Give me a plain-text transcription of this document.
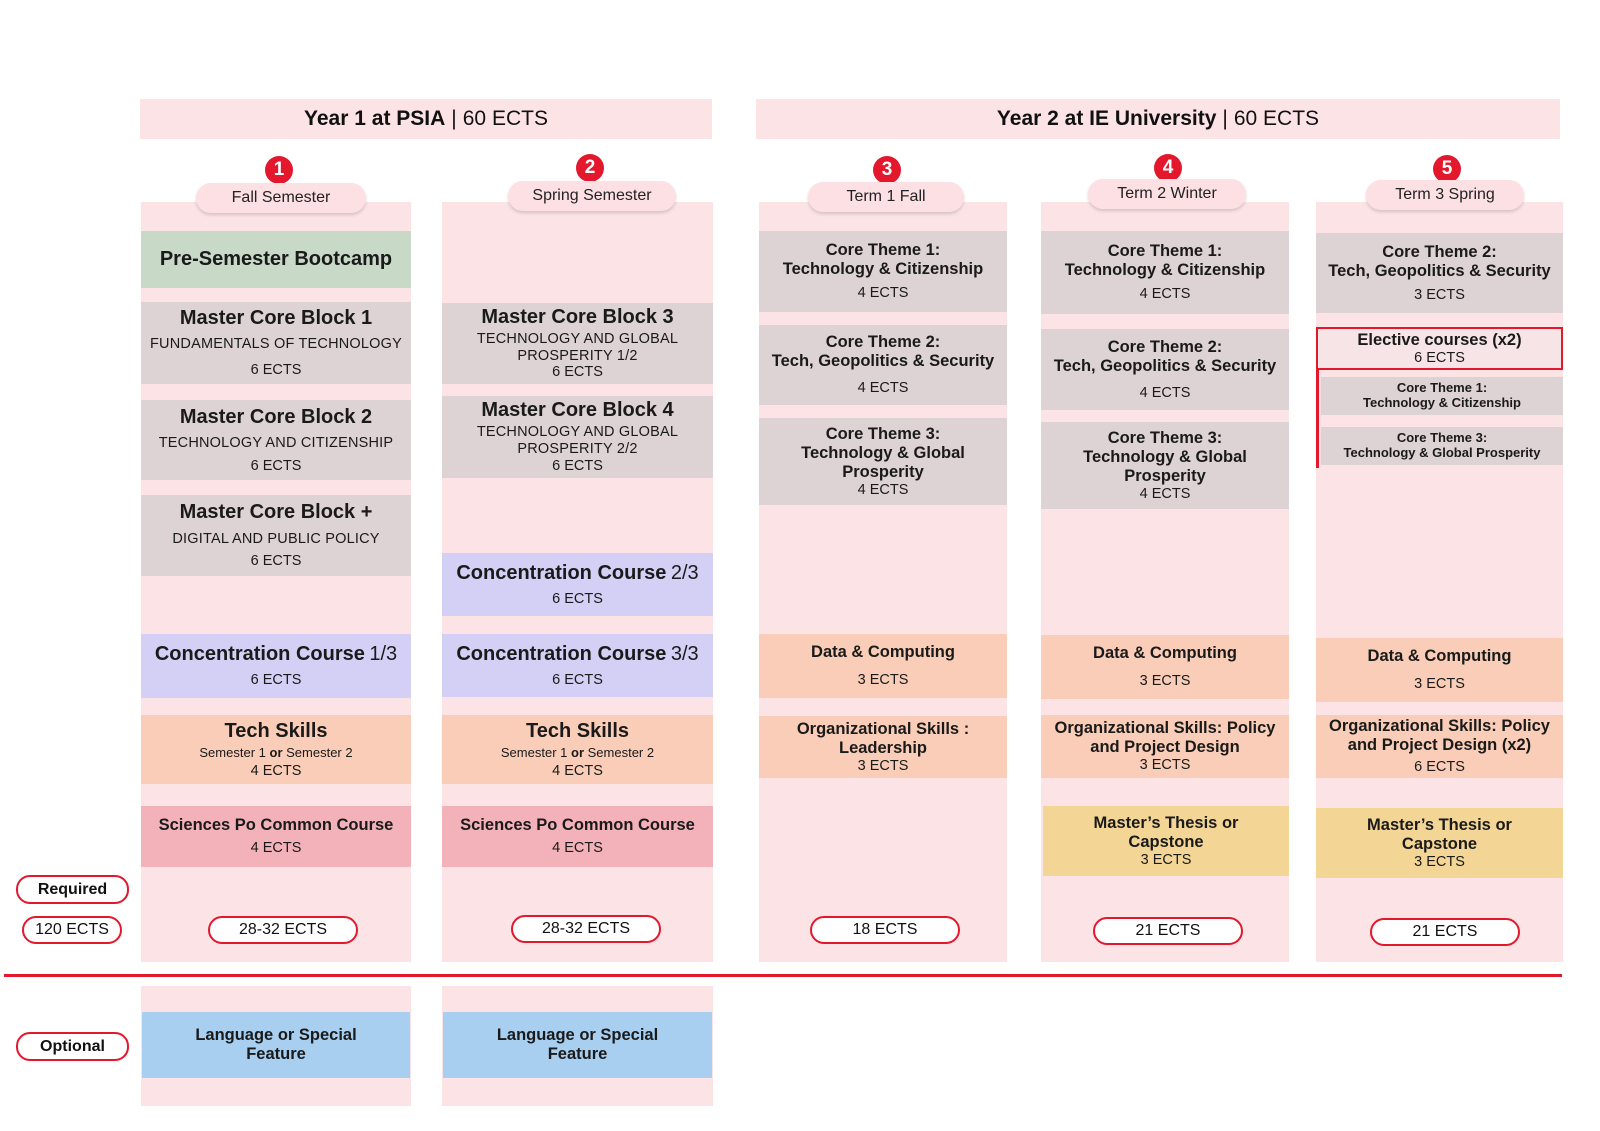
Year 1 at PSIA | 60 ECTS	Year 2 at IE University | 60 ECTS
1
Fall Semester
2
Spring Semester
3
Term 1 Fall
4
Term 2 Winter
5
Term 3 Spring
Pre-Semester Bootcamp
Master Core Block 1
FUNDAMENTALS OF TECHNOLOGY
6 ECTS
Master Core Block 2
TECHNOLOGY AND CITIZENSHIP
6 ECTS
Master Core Block +
DIGITAL AND PUBLIC POLICY
6 ECTS
Concentration Course 1/3
6 ECTS
Tech Skills
Semester 1 or Semester 2
4 ECTS
Sciences Po Common Course
4 ECTS
Language or Special Feature
Master Core Block 3
TECHNOLOGY AND GLOBAL PROSPERITY 1/2
6 ECTS
Master Core Block 4
TECHNOLOGY AND GLOBAL PROSPERITY 2/2
6 ECTS
Concentration Course 2/3
6 ECTS
Concentration Course 3/3
6 ECTS
Tech Skills
Semester 1 or Semester 2
4 ECTS
Sciences Po Common Course
4 ECTS
Language or Special Feature
Core Theme 1:
Technology & Citizenship
4 ECTS
Core Theme 2:
Tech, Geopolitics & Security
4 ECTS
Core Theme 3:
Technology & Global Prosperity
4 ECTS
Data & Computing
3 ECTS
Organizational Skills : Leadership
3 ECTS
Core Theme 1:
Technology & Citizenship
4 ECTS
Core Theme 2:
Tech, Geopolitics & Security
4 ECTS
Core Theme 3:
Technology & Global Prosperity
4 ECTS
Data & Computing
3 ECTS
Organizational Skills: Policy and Project Design
3 ECTS
Master’s Thesis or Capstone
3 ECTS
Core Theme 2:
Tech, Geopolitics & Security
3 ECTS
Elective courses (x2)
6 ECTS
Core Theme 1:
Technology & Citizenship
Core Theme 3:
Technology & Global Prosperity
Data & Computing
3 ECTS
Organizational Skills: Policy and Project Design (x2)
6 ECTS
Master’s Thesis or Capstone
3 ECTS
28-32 ECTS	28-32 ECTS	18 ECTS	21 ECTS	21 ECTS
Required
120 ECTS
Optional
